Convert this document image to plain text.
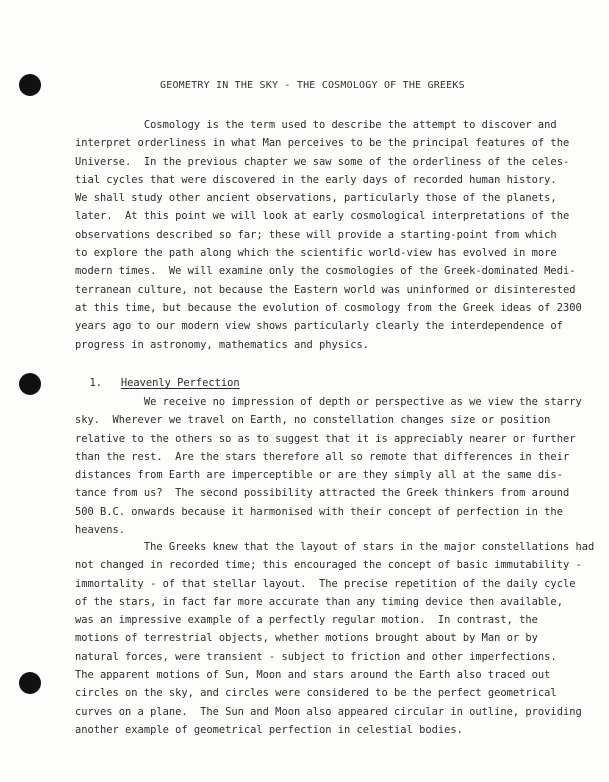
GEOMETRY IN THE SKY - THE COSMOLOGY OF THE GREEKS
Cosmology is the term used to describe the attempt to discover and
interpret orderliness in what Man perceives to be the principal features of the
Universe.  In the previous chapter we saw some of the orderliness of the celes-
tial cycles that were discovered in the early days of recorded human history.
We shall study other ancient observations, particularly those of the planets,
later.  At this point we will look at early cosmological interpretations of the
observations described so far; these will provide a starting-point from which
to explore the path along which the scientific world-view has evolved in more
modern times.  We will examine only the cosmologies of the Greek-dominated Medi-
terranean culture, not because the Eastern world was uninformed or disinterested
at this time, but because the evolution of cosmology from the Greek ideas of 2300
years ago to our modern view shows particularly clearly the interdependence of
progress in astronomy, mathematics and physics.

1. Heavenly Perfection

We receive no impression of depth or perspective as we view the starry
sky.  Wherever we travel on Earth, no constellation changes size or position
relative to the others so as to suggest that it is appreciably nearer or further
than the rest.  Are the stars therefore all so remote that differences in their
distances from Earth are imperceptible or are they simply all at the same dis-
tance from us?  The second possibility attracted the Greek thinkers from around
500 B.C. onwards because it harmonised with their concept of perfection in the
heavens.
The Greeks knew that the layout of stars in the major constellations had
not changed in recorded time; this encouraged the concept of basic immutability -
immortality - of that stellar layout.  The precise repetition of the daily cycle
of the stars, in fact far more accurate than any timing device then available,
was an impressive example of a perfectly regular motion.  In contrast, the
motions of terrestrial objects, whether motions brought about by Man or by
natural forces, were transient - subject to friction and other imperfections.
The apparent motions of Sun, Moon and stars around the Earth also traced out
circles on the sky, and circles were considered to be the perfect geometrical
curves on a plane.  The Sun and Moon also appeared circular in outline, providing
another example of geometrical perfection in celestial bodies.
